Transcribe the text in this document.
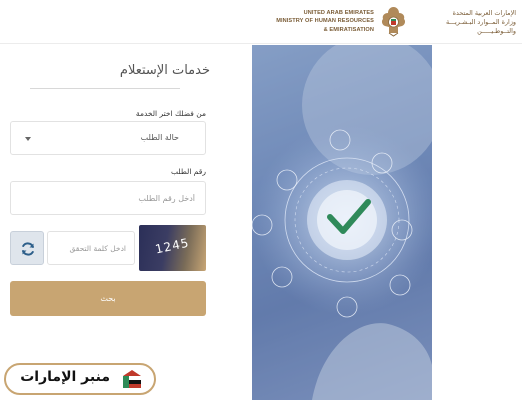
UNITED ARAB EMIRATES
MINISTRY OF HUMAN RESOURCES
& EMIRATISATION
الإمارات العربية المتحدة
وزارة المــوارد البـشـريـــة
والتــوطـيـــــن
خدمات الإستعلام
من فضلك اختر الخدمة
حالة الطلب
رقم الطلب
أدخل رقم الطلب
ادخل كلمة التحقق
1245
بحث
منبر الإمارات
